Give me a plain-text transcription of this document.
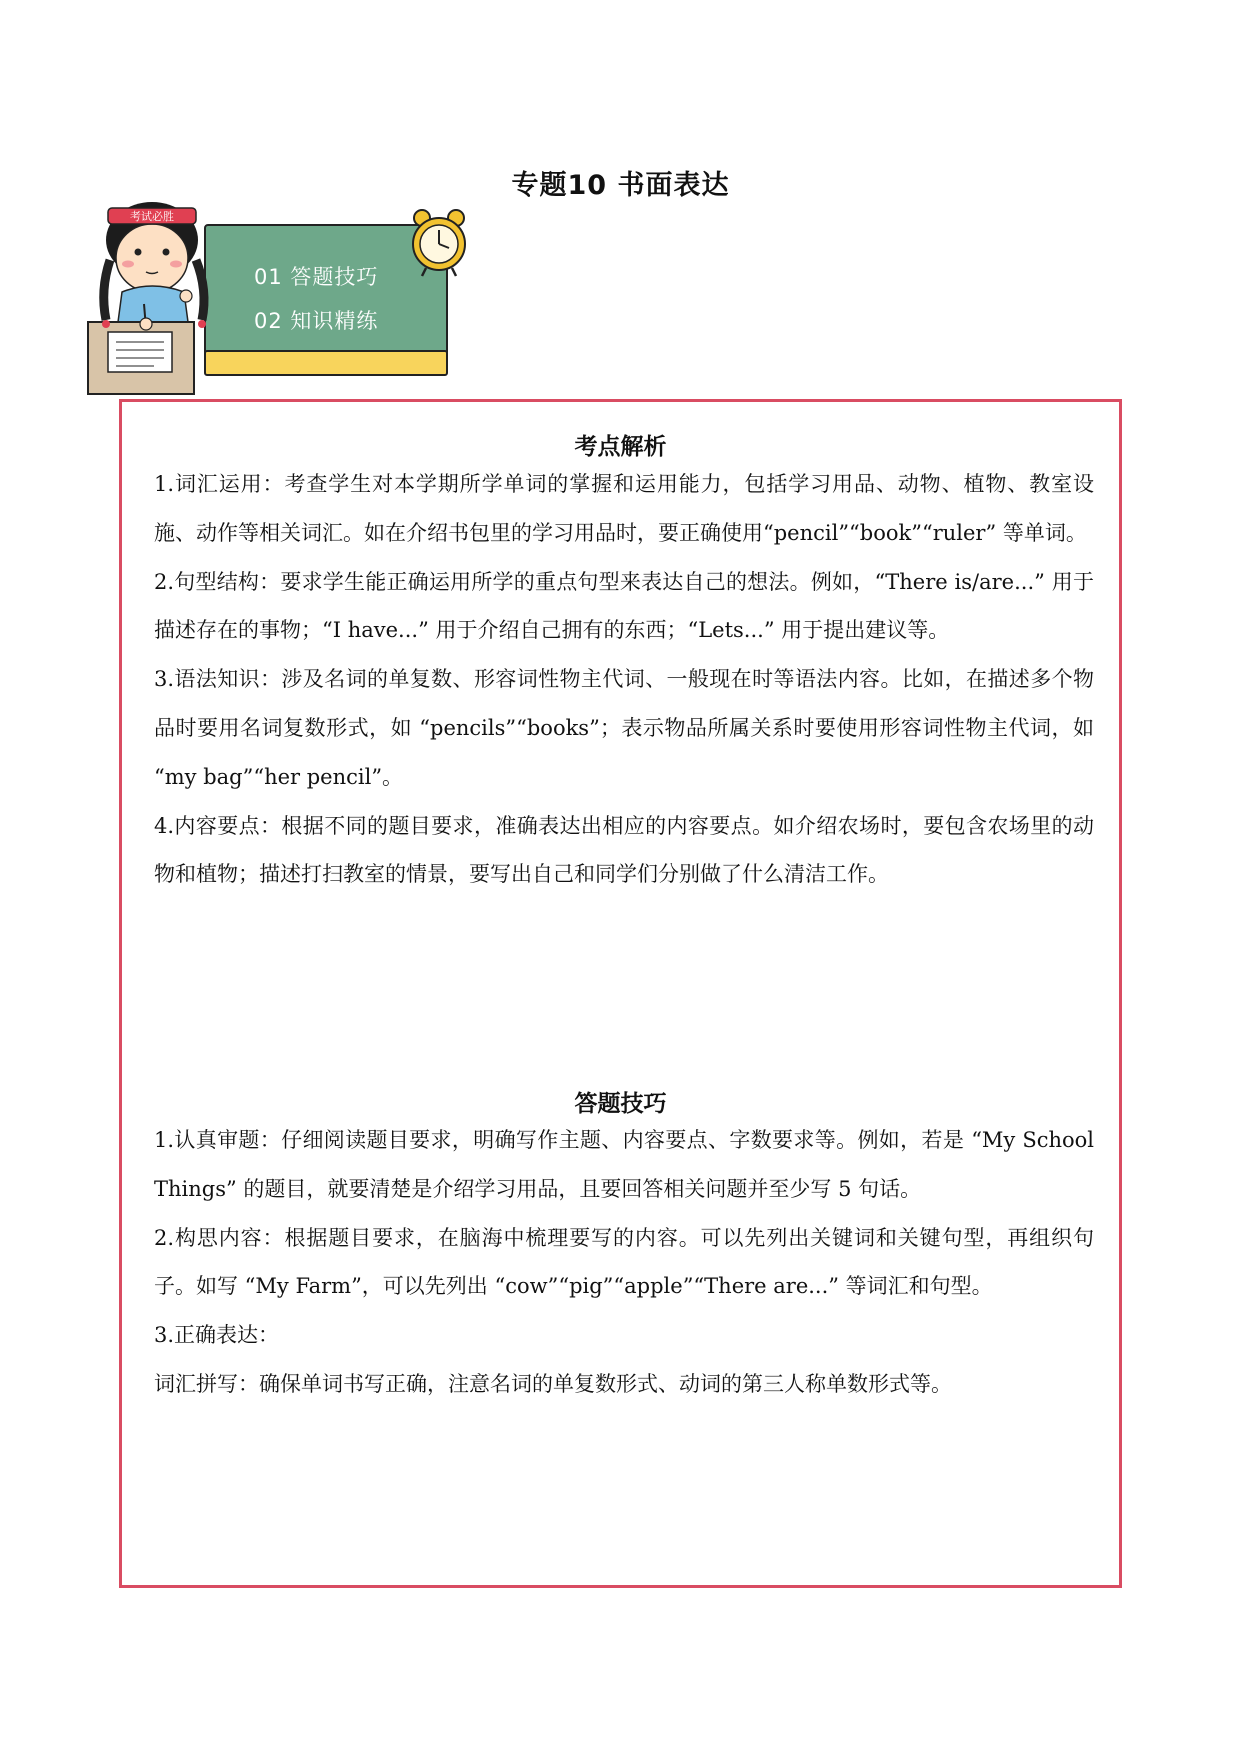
专题10 书面表达
01 答题技巧
02 知识精练
考试必胜
考点解析

1.词汇运用：考查学生对本学期所学单词的掌握和运用能力，包括学习用品、动物、植物、教室设施、动作等相关词汇。如在介绍书包里的学习用品时，要正确使用“pencil”“book”“ruler” 等单词。

2.句型结构：要求学生能正确运用所学的重点句型来表达自己的想法。例如，“There is/are...” 用于描述存在的事物；“I have...” 用于介绍自己拥有的东西；“Lets...” 用于提出建议等。

3.语法知识：涉及名词的单复数、形容词性物主代词、一般现在时等语法内容。比如，在描述多个物品时要用名词复数形式，如 “pencils”“books”；表示物品所属关系时要使用形容词性物主代词，如 “my bag”“her pencil”。

4.内容要点：根据不同的题目要求，准确表达出相应的内容要点。如介绍农场时，要包含农场里的动物和植物；描述打扫教室的情景，要写出自己和同学们分别做了什么清洁工作。

答题技巧

1.认真审题：仔细阅读题目要求，明确写作主题、内容要点、字数要求等。例如，若是 “My School Things” 的题目，就要清楚是介绍学习用品，且要回答相关问题并至少写 5 句话。

2.构思内容：根据题目要求，在脑海中梳理要写的内容。可以先列出关键词和关键句型，再组织句子。如写 “My Farm”，可以先列出 “cow”“pig”“apple”“There are...” 等词汇和句型。

3.正确表达：

词汇拼写：确保单词书写正确，注意名词的单复数形式、动词的第三人称单数形式等。
